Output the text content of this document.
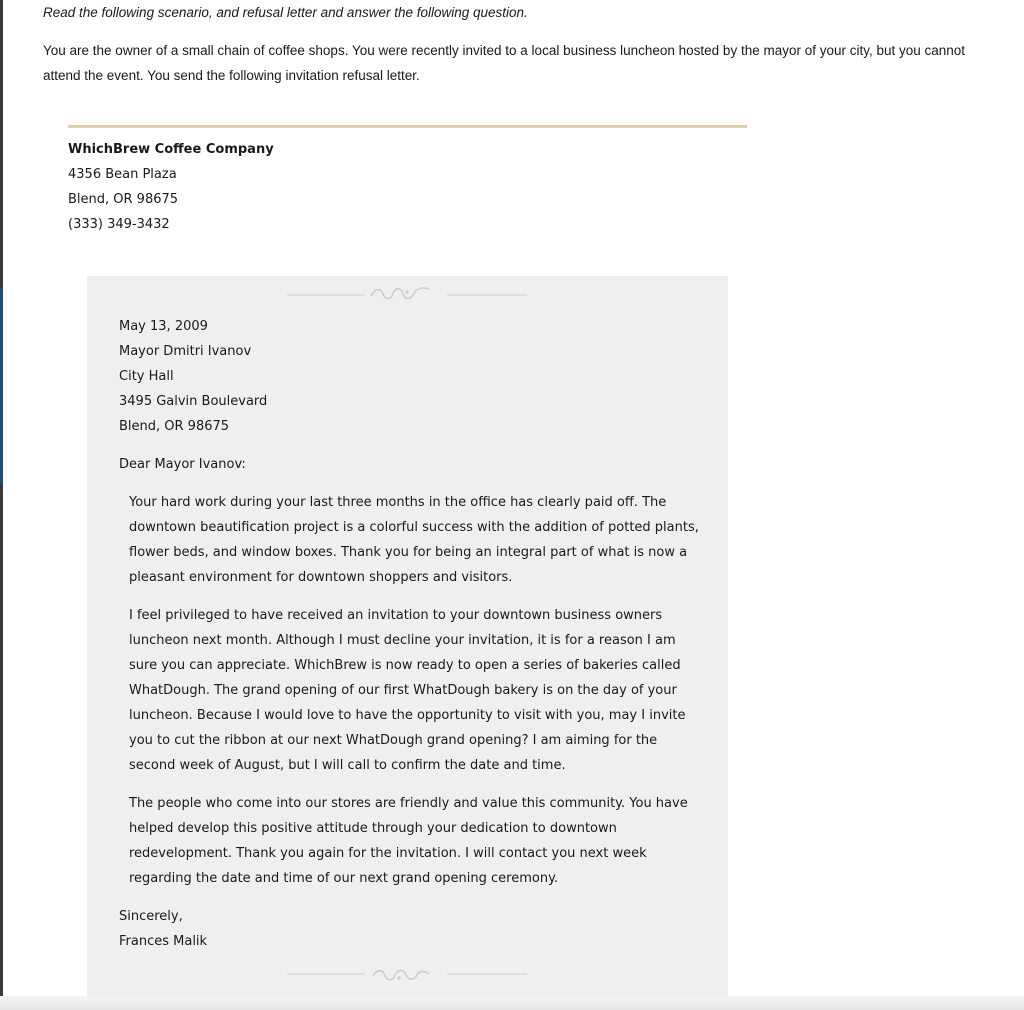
Read the following scenario, and refusal letter and answer the following question.
You are the owner of a small chain of coffee shops. You were recently invited to a local business luncheon hosted by the mayor of your city, but you cannot attend the event. You send the following invitation refusal letter.
WhichBrew Coffee Company
4356 Bean Plaza
Blend, OR 98675
(333) 349-3432
May 13, 2009
Mayor Dmitri Ivanov
City Hall
3495 Galvin Boulevard
Blend, OR 98675
Dear Mayor Ivanov:
Your hard work during your last three months in the office has clearly paid off. The downtown beautification project is a colorful success with the addition of potted plants, flower beds, and window boxes. Thank you for being an integral part of what is now a pleasant environment for downtown shoppers and visitors.
I feel privileged to have received an invitation to your downtown business owners luncheon next month. Although I must decline your invitation, it is for a reason I am sure you can appreciate. WhichBrew is now ready to open a series of bakeries called WhatDough. The grand opening of our first WhatDough bakery is on the day of your luncheon. Because I would love to have the opportunity to visit with you, may I invite you to cut the ribbon at our next WhatDough grand opening? I am aiming for the second week of August, but I will call to confirm the date and time.
The people who come into our stores are friendly and value this community. You have helped develop this positive attitude through your dedication to downtown redevelopment. Thank you again for the invitation. I will contact you next week regarding the date and time of our next grand opening ceremony.
Sincerely,
Frances Malik
